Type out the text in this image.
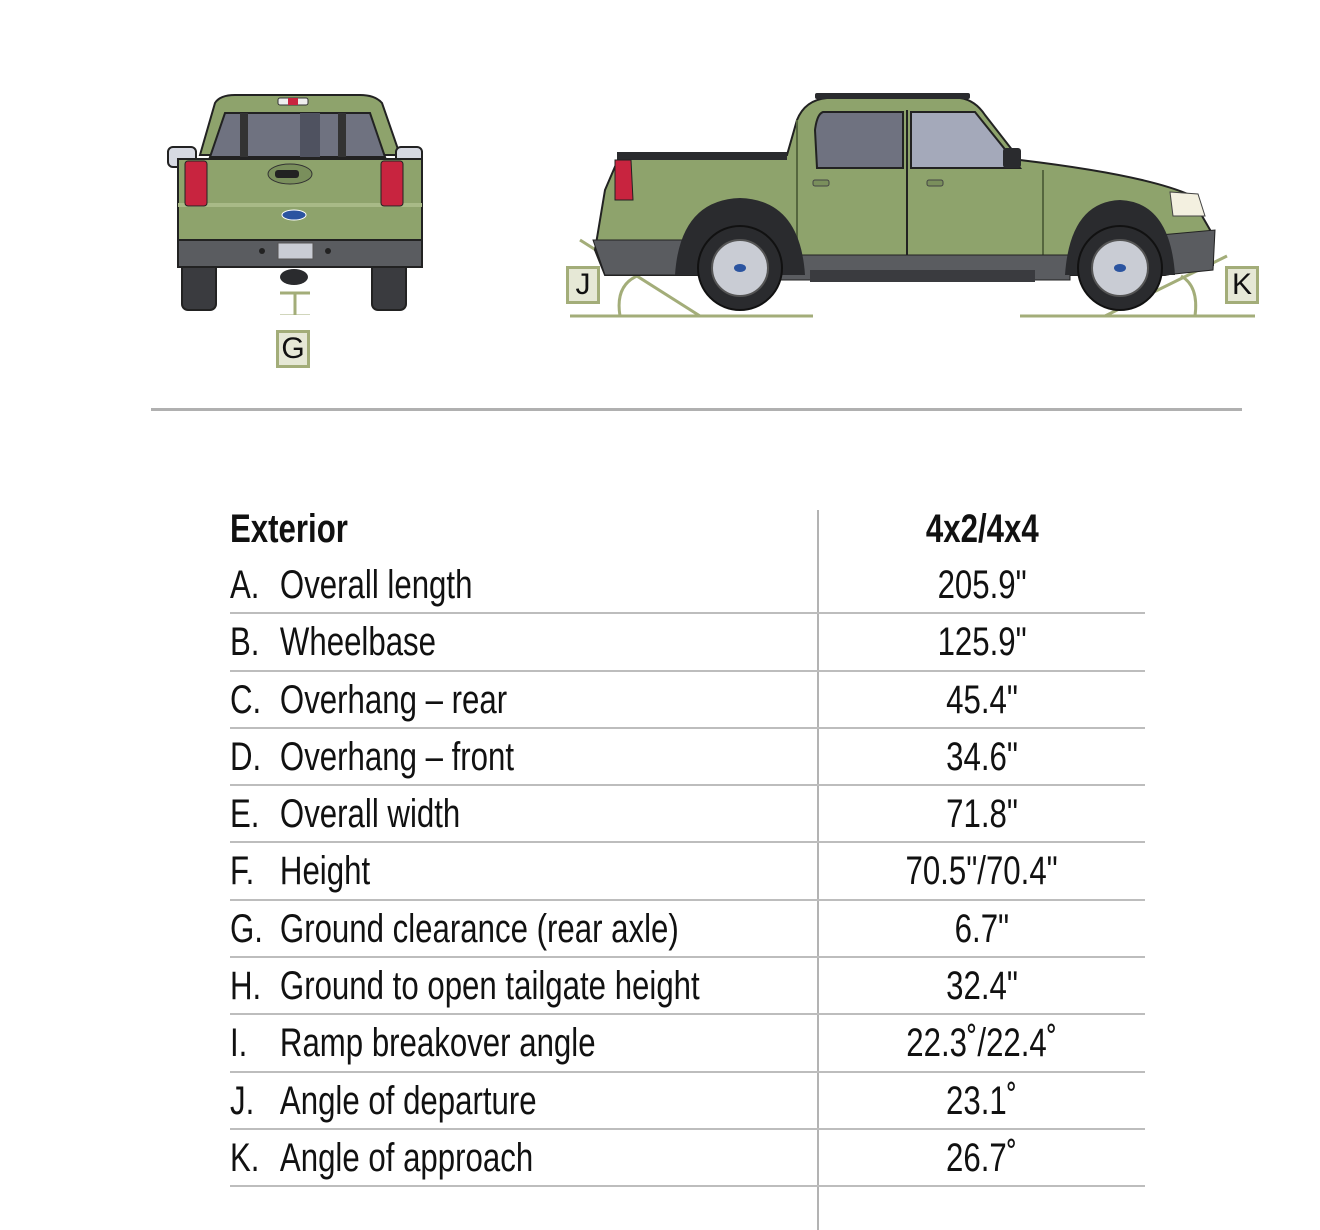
G
J	K
Exterior	4x2/4x4
A. Overall length	205.9"
B. Wheelbase	125.9"
C. Overhang – rear	45.4"
D. Overhang – front	34.6"
E. Overall width	71.8"
F. Height	70.5"/70.4"
G. Ground clearance (rear axle)	6.7"
H. Ground to open tailgate height	32.4"
I. Ramp breakover angle	22.3˚/22.4˚
J. Angle of departure	23.1˚
K. Angle of approach	26.7˚
